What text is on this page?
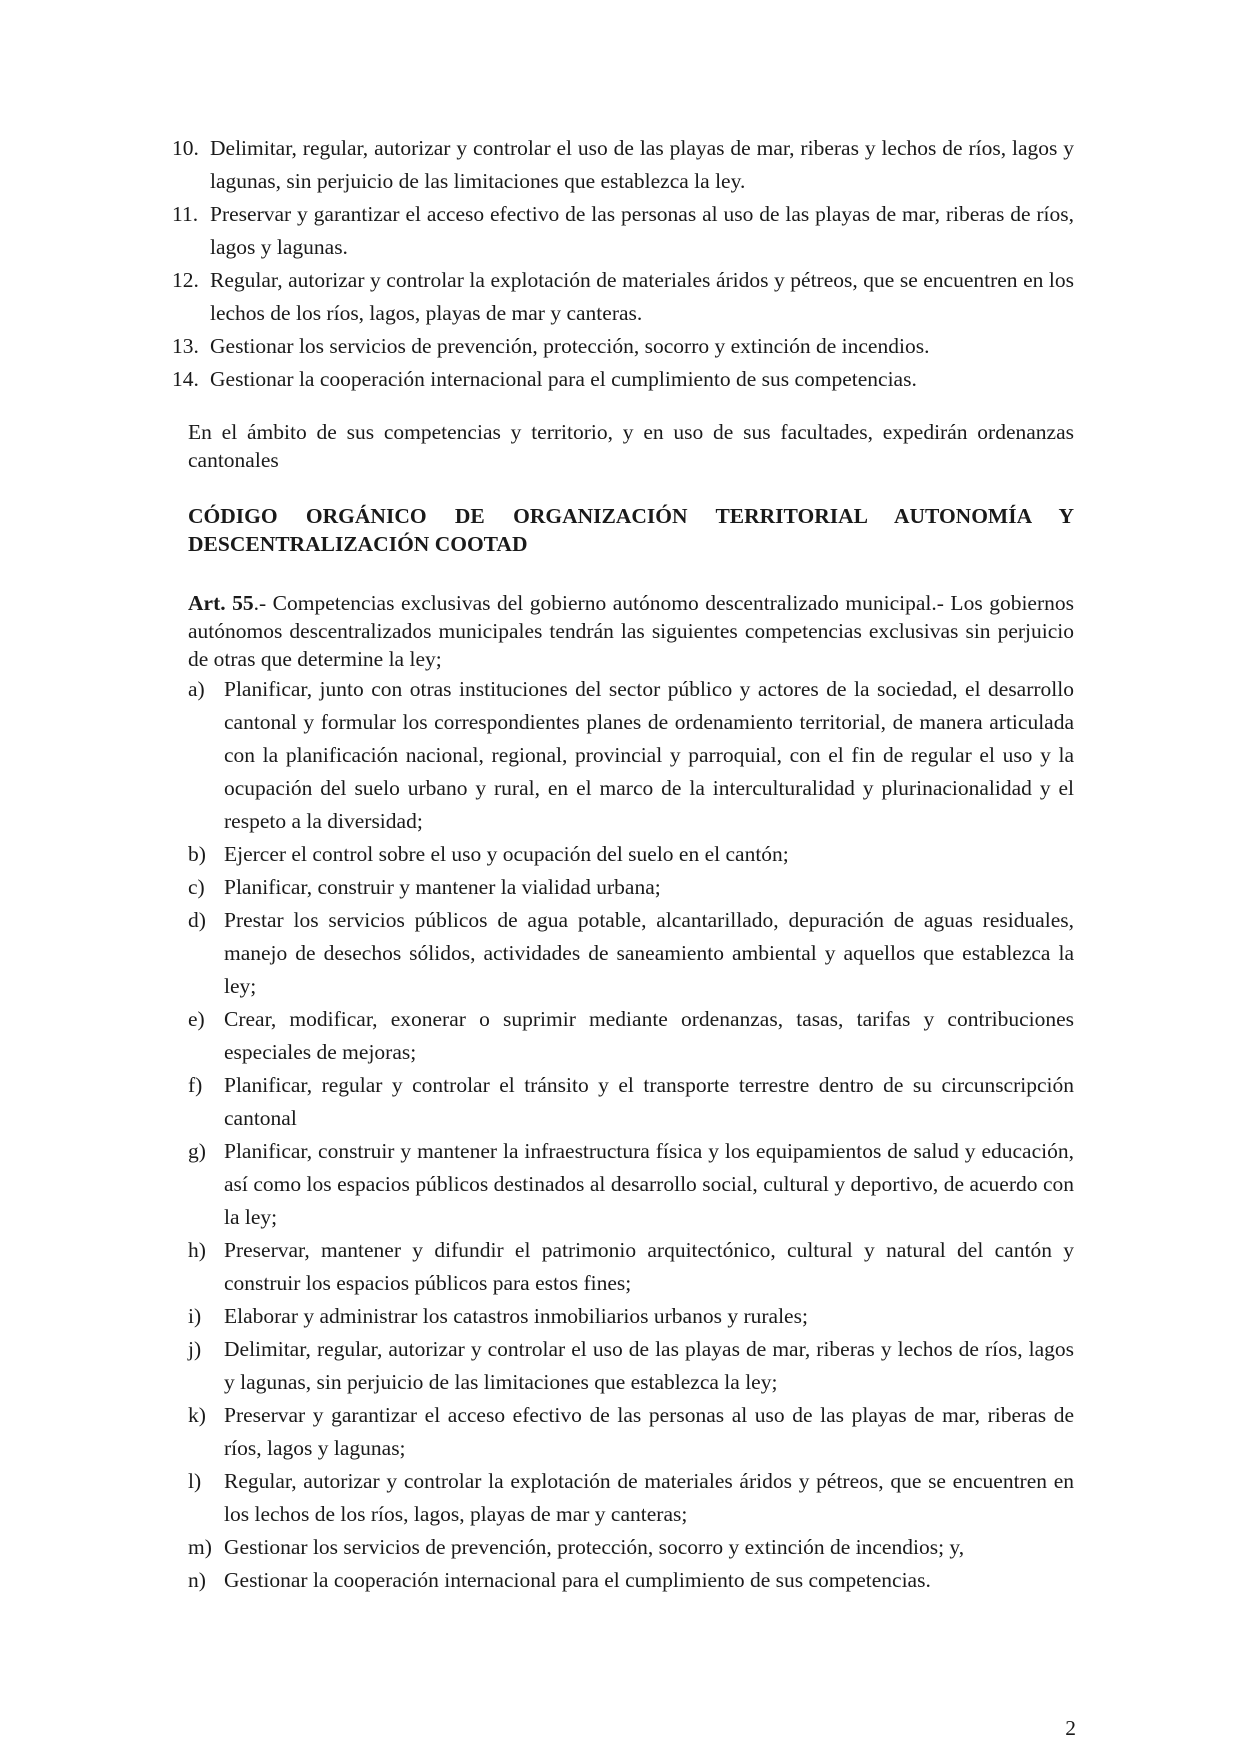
10. Delimitar, regular, autorizar y controlar el uso de las playas de mar, riberas y lechos de ríos, lagos y lagunas, sin perjuicio de las limitaciones que establezca la ley.
11. Preservar y garantizar el acceso efectivo de las personas al uso de las playas de mar, riberas de ríos, lagos y lagunas.
12. Regular, autorizar y controlar la explotación de materiales áridos y pétreos, que se encuentren en los lechos de los ríos, lagos, playas de mar y canteras.
13. Gestionar los servicios de prevención, protección, socorro y extinción de incendios.
14. Gestionar la cooperación internacional para el cumplimiento de sus competencias.

En el ámbito de sus competencias y territorio, y en uso de sus facultades, expedirán ordenanzas cantonales

CÓDIGO ORGÁNICO DE ORGANIZACIÓN TERRITORIAL AUTONOMÍA Y DESCENTRALIZACIÓN COOTAD

Art. 55.- Competencias exclusivas del gobierno autónomo descentralizado municipal.- Los gobiernos autónomos descentralizados municipales tendrán las siguientes competencias exclusivas sin perjuicio de otras que determine la ley;

a) Planificar, junto con otras instituciones del sector público y actores de la sociedad, el desarrollo cantonal y formular los correspondientes planes de ordenamiento territorial, de manera articulada con la planificación nacional, regional, provincial y parroquial, con el fin de regular el uso y la ocupación del suelo urbano y rural, en el marco de la interculturalidad y plurinacionalidad y el respeto a la diversidad;
b) Ejercer el control sobre el uso y ocupación del suelo en el cantón;
c) Planificar, construir y mantener la vialidad urbana;
d) Prestar los servicios públicos de agua potable, alcantarillado, depuración de aguas residuales, manejo de desechos sólidos, actividades de saneamiento ambiental y aquellos que establezca la ley;
e) Crear, modificar, exonerar o suprimir mediante ordenanzas, tasas, tarifas y contribuciones especiales de mejoras;
f)	Planificar, regular y controlar el tránsito y el transporte terrestre dentro de su circunscripción cantonal
g) Planificar, construir y mantener la infraestructura física y los equipamientos de salud y educación, así como los espacios públicos destinados al desarrollo social, cultural y deportivo, de acuerdo con la ley;
h) Preservar, mantener y difundir el patrimonio arquitectónico, cultural y natural del cantón y construir los espacios públicos para estos fines;
i)	Elaborar y administrar los catastros inmobiliarios urbanos y rurales;
j)	Delimitar, regular, autorizar y controlar el uso de las playas de mar, riberas y lechos de ríos, lagos y lagunas, sin perjuicio de las limitaciones que establezca la ley;
k) Preservar y garantizar el acceso efectivo de las personas al uso de las playas de mar, riberas de ríos, lagos y lagunas;
l)	Regular, autorizar y controlar la explotación de materiales áridos y pétreos, que se encuentren en los lechos de los ríos, lagos, playas de mar y canteras;
m) Gestionar los servicios de prevención, protección, socorro y extinción de incendios; y,
n) Gestionar la cooperación internacional para el cumplimiento de sus competencias.
2
